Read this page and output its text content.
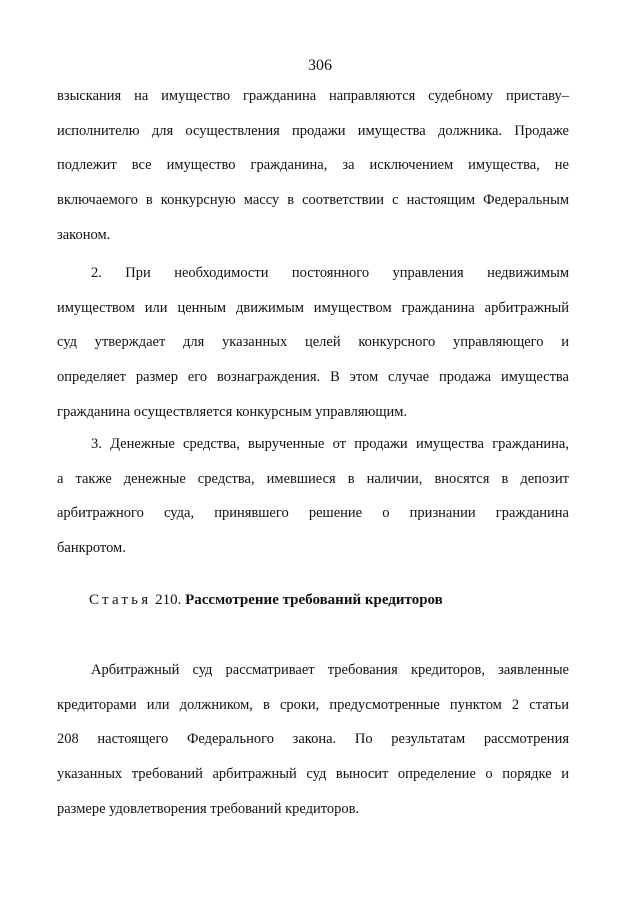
306
взыскания на имущество гражданина направляются судебному приставу–
исполнителю для осуществления продажи имущества должника. Продаже
подлежит все имущество гражданина, за исключением имущества, не
включаемого в конкурсную массу в соответствии с настоящим Федеральным
законом.
2. При необходимости постоянного управления недвижимым
имуществом или ценным движимым имуществом гражданина арбитражный
суд утверждает для указанных целей конкурсного управляющего и
определяет размер его вознаграждения. В этом случае продажа имущества
гражданина осуществляется конкурсным управляющим.
3. Денежные средства, вырученные от продажи имущества гражданина,
а также денежные средства, имевшиеся в наличии, вносятся в депозит
арбитражного суда, принявшего решение о признании гражданина
банкротом.
Статья 210. Рассмотрение требований кредиторов
Арбитражный суд рассматривает требования кредиторов, заявленные
кредиторами или должником, в сроки, предусмотренные пунктом 2 статьи
208 настоящего Федерального закона. По результатам рассмотрения
указанных требований арбитражный суд выносит определение о порядке и
размере удовлетворения требований кредиторов.
